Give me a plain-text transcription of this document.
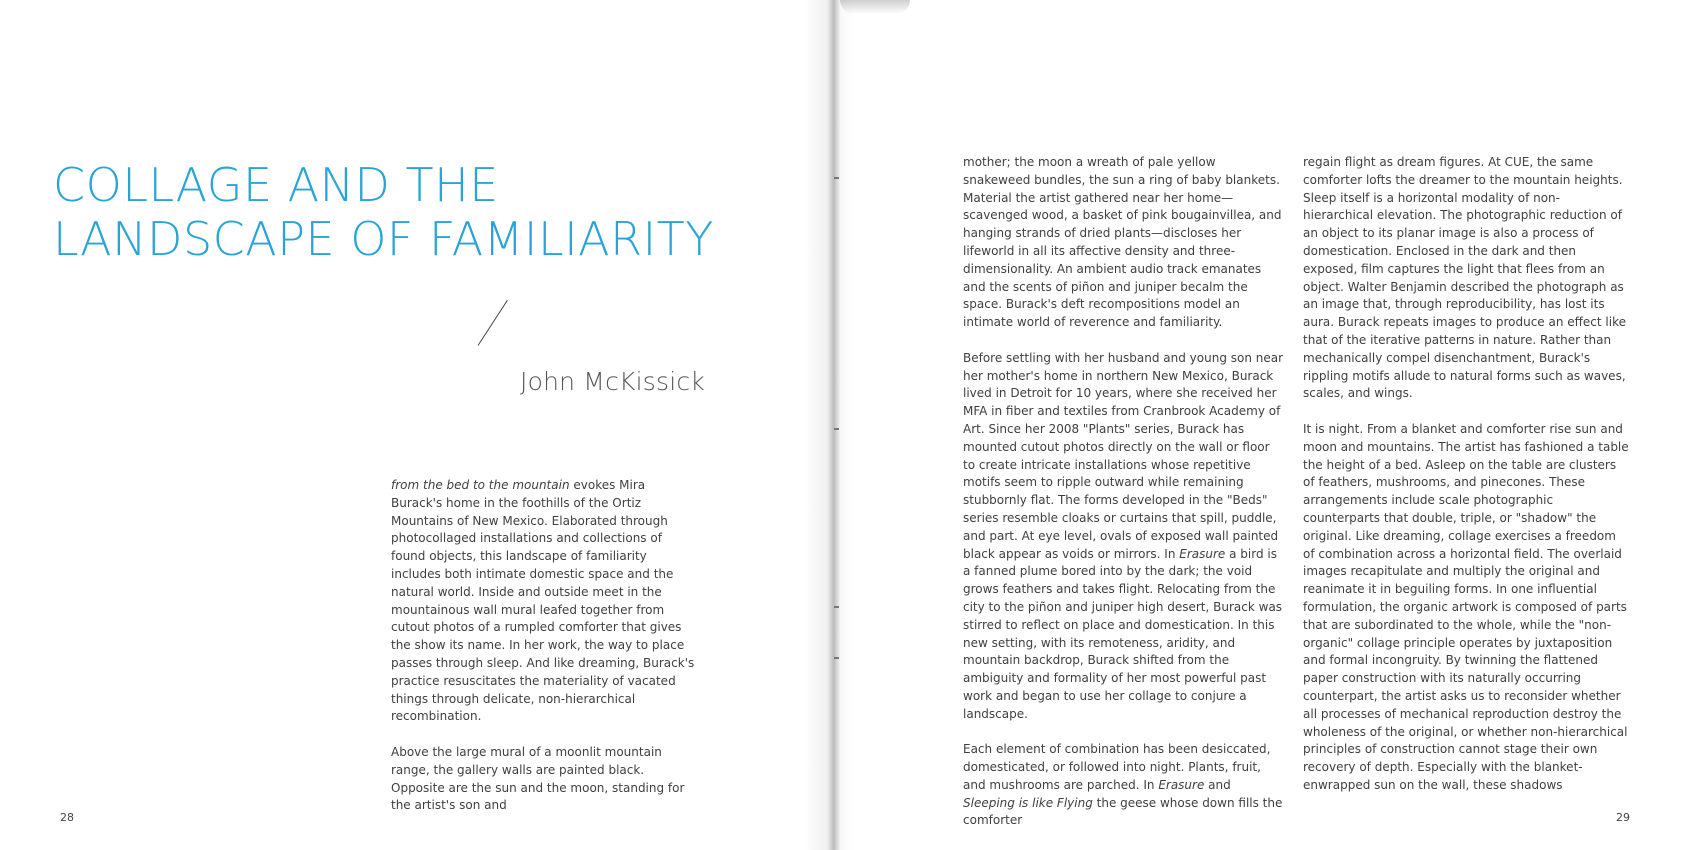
COLLAGE AND THE
LANDSCAPE OF FAMILIARITY
John McKissick

from the bed to the mountain evokes Mira Burack's home in the foothills of the Ortiz Mountains of New Mexico. Elaborated through photocollaged installations and collections of found objects, this landscape of familiarity includes both intimate domestic space and the natural world. Inside and outside meet in the mountainous wall mural leafed together from cutout photos of a rumpled comforter that gives the show its name. In her work, the way to place passes through sleep. And like dreaming, Burack's practice resuscitates the materiality of vacated things through delicate, non-hierarchical recombination.

Above the large mural of a moonlit mountain range, the gallery walls are painted black. Opposite are the sun and the moon, standing for the artist's son and

28

mother; the moon a wreath of pale yellow snakeweed bundles, the sun a ring of baby blankets. Material the artist gathered near her home—scavenged wood, a basket of pink bougainvillea, and hanging strands of dried plants—discloses her lifeworld in all its affective density and three-dimensionality. An ambient audio track emanates and the scents of piñon and juniper becalm the space. Burack's deft recompositions model an intimate world of reverence and familiarity.

Before settling with her husband and young son near her mother's home in northern New Mexico, Burack lived in Detroit for 10 years, where she received her MFA in fiber and textiles from Cranbrook Academy of Art. Since her 2008 "Plants" series, Burack has mounted cutout photos directly on the wall or floor to create intricate installations whose repetitive motifs seem to ripple outward while remaining stubbornly flat. The forms developed in the "Beds" series resemble cloaks or curtains that spill, puddle, and part. At eye level, ovals of exposed wall painted black appear as voids or mirrors. In Erasure a bird is a fanned plume bored into by the dark; the void grows feathers and takes flight. Relocating from the city to the piñon and juniper high desert, Burack was stirred to reflect on place and domestication. In this new setting, with its remoteness, aridity, and mountain backdrop, Burack shifted from the ambiguity and formality of her most powerful past work and began to use her collage to conjure a landscape.

Each element of combination has been desiccated, domesticated, or followed into night. Plants, fruit, and mushrooms are parched. In Erasure and Sleeping is like Flying the geese whose down fills the comforter

regain flight as dream figures. At CUE, the same comforter lofts the dreamer to the mountain heights. Sleep itself is a horizontal modality of non-hierarchical elevation. The photographic reduction of an object to its planar image is also a process of domestication. Enclosed in the dark and then exposed, film captures the light that flees from an object. Walter Benjamin described the photograph as an image that, through reproducibility, has lost its aura. Burack repeats images to produce an effect like that of the iterative patterns in nature. Rather than mechanically compel disenchantment, Burack's rippling motifs allude to natural forms such as waves, scales, and wings.

It is night. From a blanket and comforter rise sun and moon and mountains. The artist has fashioned a table the height of a bed. Asleep on the table are clusters of feathers, mushrooms, and pinecones. These arrangements include scale photographic counterparts that double, triple, or "shadow" the original. Like dreaming, collage exercises a freedom of combination across a horizontal field. The overlaid images recapitulate and multiply the original and reanimate it in beguiling forms. In one influential formulation, the organic artwork is composed of parts that are subordinated to the whole, while the "non-organic" collage principle operates by juxtaposition and formal incongruity. By twinning the flattened paper construction with its naturally occurring counterpart, the artist asks us to reconsider whether all processes of mechanical reproduction destroy the wholeness of the original, or whether non-hierarchical principles of construction cannot stage their own recovery of depth. Especially with the blanket-enwrapped sun on the wall, these shadows

29
